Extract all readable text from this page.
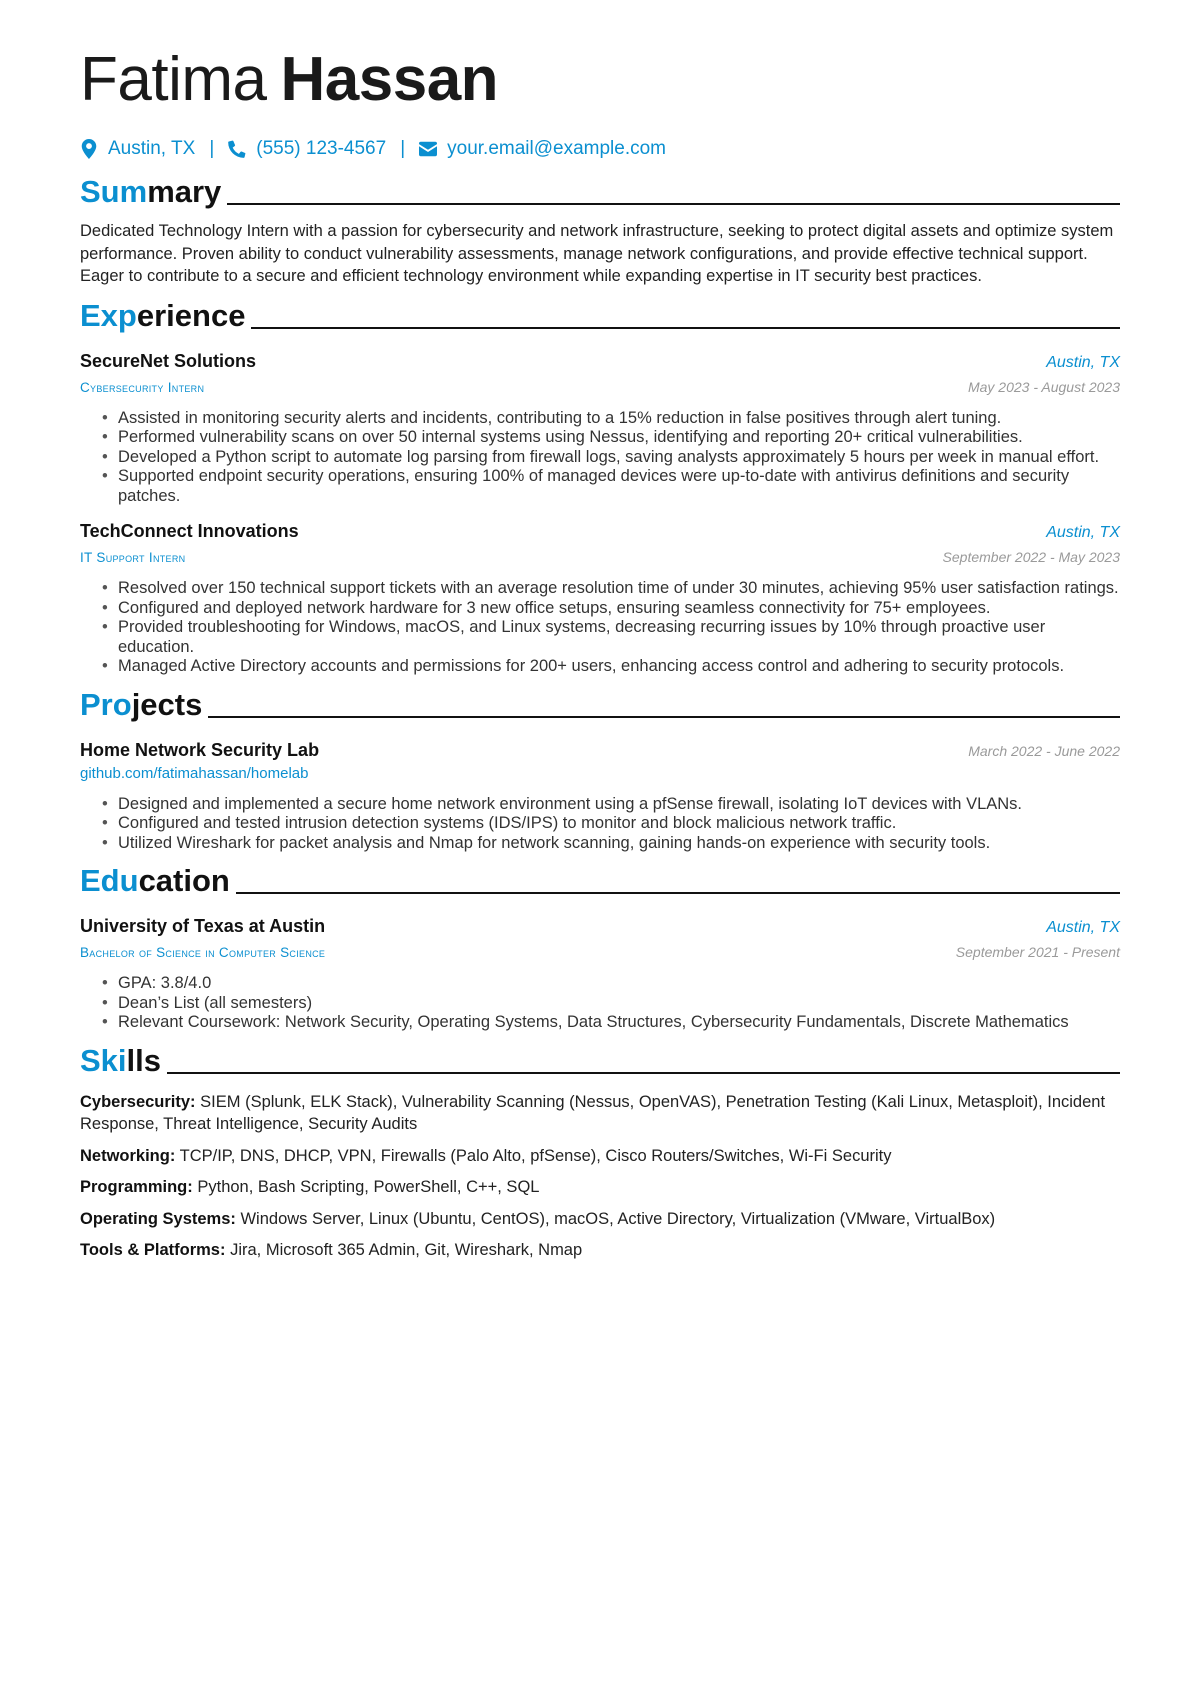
Fatima Hassan
Austin, TX | (555) 123-4567 | your.email@example.com
Summary
Dedicated Technology Intern with a passion for cybersecurity and network infrastructure, seeking to protect digital assets and optimize system performance. Proven ability to conduct vulnerability assessments, manage network configurations, and provide effective technical support. Eager to contribute to a secure and efficient technology environment while expanding expertise in IT security best practices.
Experience
SecureNet Solutions	Austin, TX
Cybersecurity Intern	May 2023 - August 2023
• Assisted in monitoring security alerts and incidents, contributing to a 15% reduction in false positives through alert tuning.
• Performed vulnerability scans on over 50 internal systems using Nessus, identifying and reporting 20+ critical vulnerabilities.
• Developed a Python script to automate log parsing from firewall logs, saving analysts approximately 5 hours per week in manual effort.
• Supported endpoint security operations, ensuring 100% of managed devices were up-to-date with antivirus definitions and security patches.
TechConnect Innovations	Austin, TX
IT Support Intern	September 2022 - May 2023
• Resolved over 150 technical support tickets with an average resolution time of under 30 minutes, achieving 95% user satisfaction ratings.
• Configured and deployed network hardware for 3 new office setups, ensuring seamless connectivity for 75+ employees.
• Provided troubleshooting for Windows, macOS, and Linux systems, decreasing recurring issues by 10% through proactive user education.
• Managed Active Directory accounts and permissions for 200+ users, enhancing access control and adhering to security protocols.
Projects
Home Network Security Lab	March 2022 - June 2022
github.com/fatimahassan/homelab
• Designed and implemented a secure home network environment using a pfSense firewall, isolating IoT devices with VLANs.
• Configured and tested intrusion detection systems (IDS/IPS) to monitor and block malicious network traffic.
• Utilized Wireshark for packet analysis and Nmap for network scanning, gaining hands-on experience with security tools.
Education
University of Texas at Austin	Austin, TX
Bachelor of Science in Computer Science	September 2021 - Present
• GPA: 3.8/4.0
• Dean’s List (all semesters)
• Relevant Coursework: Network Security, Operating Systems, Data Structures, Cybersecurity Fundamentals, Discrete Mathematics
Skills
Cybersecurity: SIEM (Splunk, ELK Stack), Vulnerability Scanning (Nessus, OpenVAS), Penetration Testing (Kali Linux, Metasploit), Incident Response, Threat Intelligence, Security Audits
Networking: TCP/IP, DNS, DHCP, VPN, Firewalls (Palo Alto, pfSense), Cisco Routers/Switches, Wi-Fi Security
Programming: Python, Bash Scripting, PowerShell, C++, SQL
Operating Systems: Windows Server, Linux (Ubuntu, CentOS), macOS, Active Directory, Virtualization (VMware, VirtualBox)
Tools & Platforms: Jira, Microsoft 365 Admin, Git, Wireshark, Nmap
